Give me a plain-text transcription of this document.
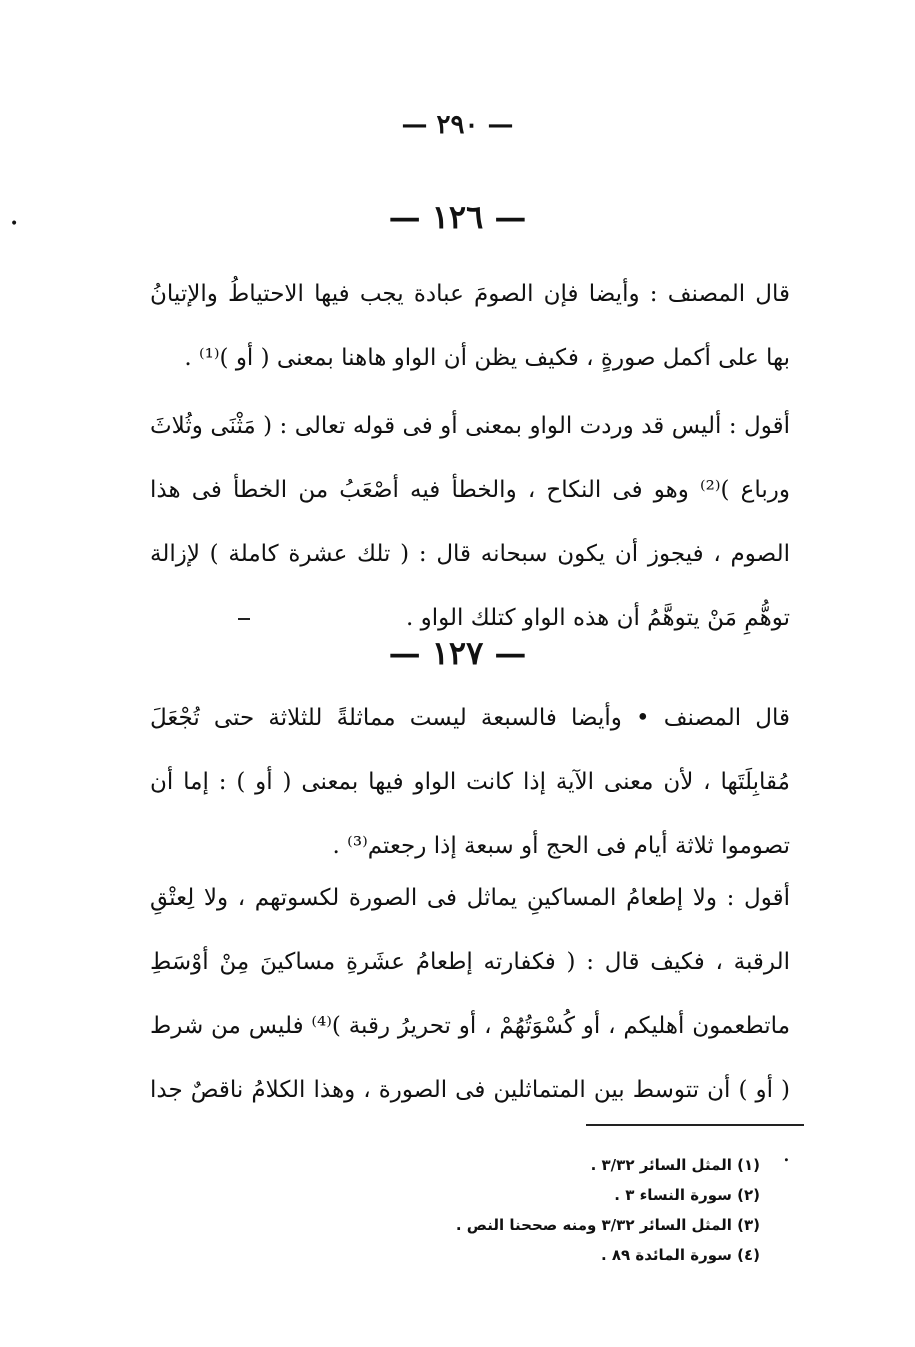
— ٢٩٠ —
•	— ١٢٦ —
قال المصنف : وأيضا فإن الصومَ عبادة يجب فيها الاحتياطُ والإتيانُ بها على أكمل صورةٍ ، فكيف يظن أن الواو هاهنا بمعنى ( أو )⁽¹⁾ .
أقول : أليس قد وردت الواو بمعنى أو فى قوله تعالى : ( مَثْنَى وثُلاثَ ورباع )⁽²⁾ وهو فى النكاح ، والخطأ فيه أصْعَبُ من الخطأ فى هذا الصوم ، فيجوز أن يكون سبحانه قال : ( تلك عشرة كاملة ) لإزالة توهُّمِ مَنْ يتوهَّمُ أن هذه الواو كتلك الواو .
— ١٢٧ —
قال المصنف • وأيضا فالسبعة ليست مماثلةً للثلاثة حتى تُجْعَلَ مُقابِلَتَها ، لأن معنى الآية إذا كانت الواو فيها بمعنى ( أو ) : إما أن تصوموا ثلاثة أيام فى الحج أو سبعة إذا رجعتم⁽³⁾ .
أقول : ولا إطعامُ المساكينِ يماثل فى الصورة لكسوتهم ، ولا لِعتْقِ الرقبة ، فكيف قال : ( فكفارته إطعامُ عشَرةِ مساكينَ مِنْ أوْسَطِ ماتطعمون أهليكم ، أو كُسْوَتُهُمْ ، أو تحريرُ رقبة )⁽⁴⁾ فليس من شرط ( أو ) أن تتوسط بين المتماثلين فى الصورة ، وهذا الكلامُ ناقصٌ جدا .
(١) المثل السائر ٣/٣٢ .
(٢) سورة النساء ٣ .
(٣) المثل السائر ٣/٣٢ ومنه صححنا النص .
(٤) سورة المائدة ٨٩ .
